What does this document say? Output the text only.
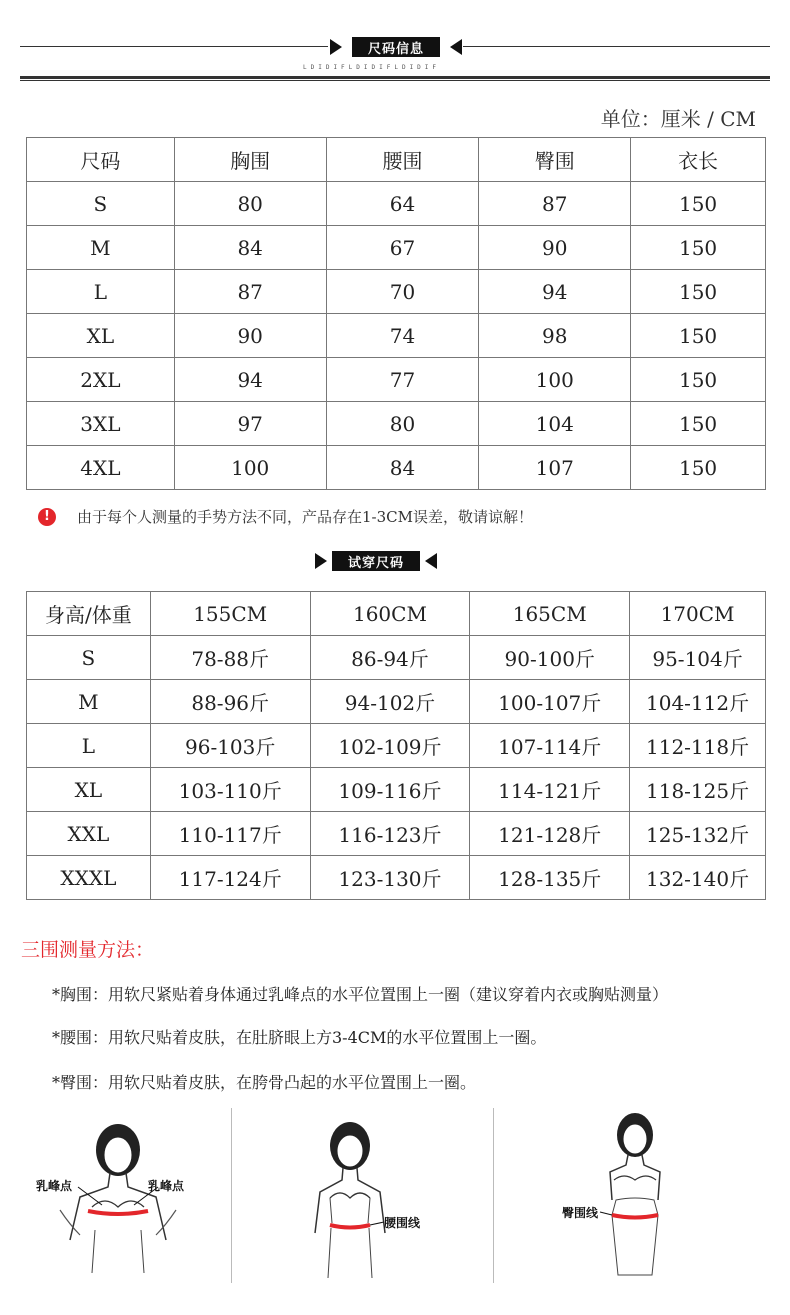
尺码信息
LDIDIFLDIDIFLDIDIF
单位：厘米 / CM
尺码	胸围	腰围	臀围	衣长
S	80	64	87	150
M	84	67	90	150
L	87	70	94	150
XL	90	74	98	150
2XL	94	77	100	150
3XL	97	80	104	150
4XL	100	84	107	150
!	由于每个人测量的手势方法不同，产品存在1-3CM误差，敬请谅解！
试穿尺码
身高/体重	155CM	160CM	165CM	170CM
S	78-88斤	86-94斤	90-100斤	95-104斤
M	88-96斤	94-102斤	100-107斤	104-112斤
L	96-103斤	102-109斤	107-114斤	112-118斤
XL	103-110斤	109-116斤	114-121斤	118-125斤
XXL	110-117斤	116-123斤	121-128斤	125-132斤
XXXL	117-124斤	123-130斤	128-135斤	132-140斤
三围测量方法：
*胸围：用软尺紧贴着身体通过乳峰点的水平位置围上一圈（建议穿着内衣或胸贴测量）
*腰围：用软尺贴着皮肤，在肚脐眼上方3-4CM的水平位置围上一圈。
*臀围：用软尺贴着皮肤，在胯骨凸起的水平位置围上一圈。
乳峰点	乳峰点
腰围线
臀围线
